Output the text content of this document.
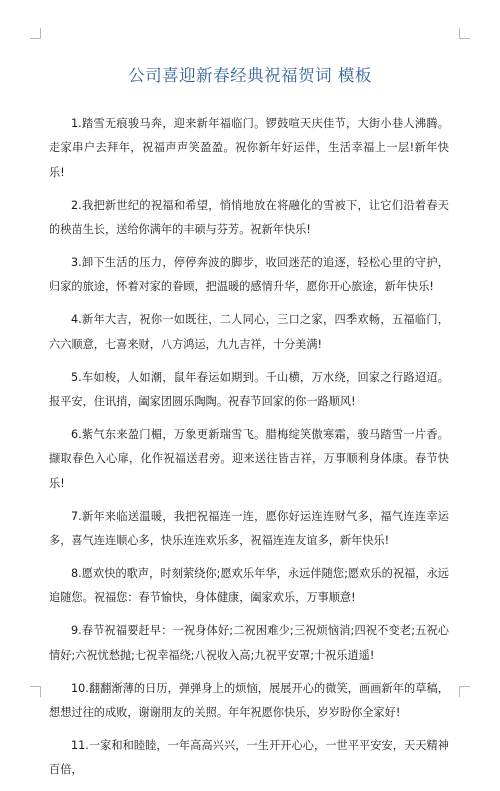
公司喜迎新春经典祝福贺词 模板

1.踏雪无痕骏马奔，迎来新年福临门。锣鼓喧天庆佳节，大街小巷人沸腾。走家串户去拜年，祝福声声笑盈盈。祝你新年好运伴，生活幸福上一层!新年快乐!

2.我把新世纪的祝福和希望，悄悄地放在将融化的雪被下，让它们沿着春天的秧苗生长，送给你满年的丰硕与芬芳。祝新年快乐!

3.卸下生活的压力，停停奔波的脚步，收回迷茫的追逐，轻松心里的守护，归家的旅途，怀着对家的眷顾，把温暖的感情升华，愿你开心旅途，新年快乐!

4.新年大吉，祝你一如既往，二人同心，三口之家，四季欢畅，五福临门，六六顺意，七喜来财，八方鸿运，九九吉祥，十分美满!

5.车如梭，人如潮，鼠年春运如期到。千山横，万水绕，回家之行路迢迢。报平安，住讯捎，阖家团圆乐陶陶。祝春节回家的你一路顺风!

6.紫气东来盈门楣，万象更新瑞雪飞。腊梅绽笑傲寒霜，骏马踏雪一片香。撷取春色入心扉，化作祝福送君旁。迎来送往皆吉祥，万事顺利身体康。春节快乐!

7.新年来临送温暖，我把祝福连一连，愿你好运连连财气多，福气连连幸运多，喜气连连顺心多，快乐连连欢乐多，祝福连连友谊多，新年快乐!

8.愿欢快的歌声，时刻萦绕你;愿欢乐年华，永远伴随您;愿欢乐的祝福，永远追随您。祝福您：春节愉快，身体健康，阖家欢乐，万事顺意!

9.春节祝福要赶早：一祝身体好;二祝困难少;三祝烦恼消;四祝不变老;五祝心情好;六祝忧愁抛;七祝幸福绕;八祝收入高;九祝平安罩;十祝乐逍遥!

10.翻翻渐薄的日历，弹弹身上的烦恼，展展开心的微笑，画画新年的草稿，想想过往的成败，谢谢朋友的关照。年年祝愿你快乐，岁岁盼你全家好!

11.一家和和睦睦，一年高高兴兴，一生开开心心，一世平平安安，天天精神百倍，
